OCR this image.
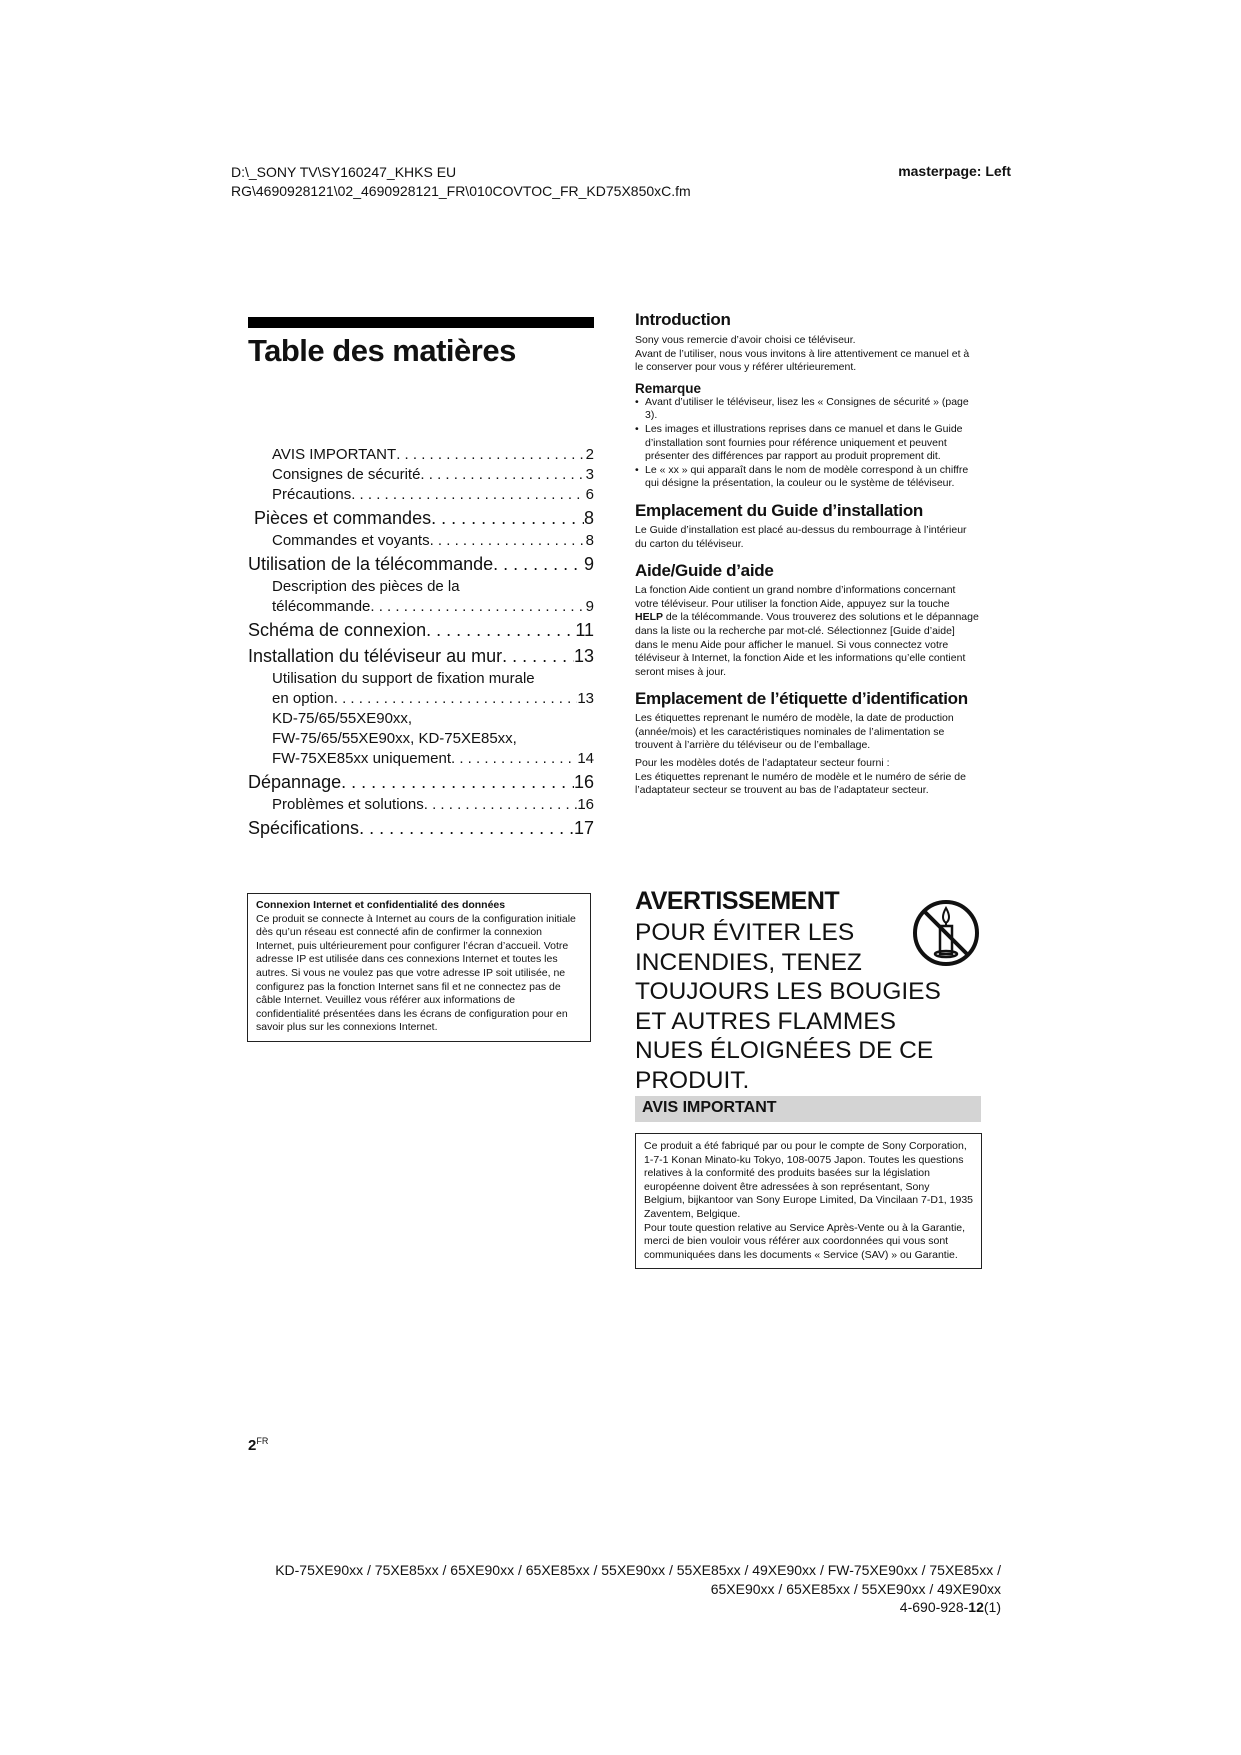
D:\_SONY TV\SY160247_KHKS EU
RG\4690928121\02_4690928121_FR\010COVTOC_FR_KD75X850xC.fm
masterpage: Left
Table des matières
AVIS IMPORTANT . . .	2
Consignes de sécurité . . .	3
Précautions . . .	6
Pièces et commandes . . .	8
Commandes et voyants . . .	8
Utilisation de la télécommande . . .	9
Description des pièces de la
télécommande . . .	9
Schéma de connexion . . .	11
Installation du téléviseur au mur . . .	13
Utilisation du support de fixation murale
en option . . .	13
KD-75/65/55XE90xx,
FW-75/65/55XE90xx, KD-75XE85xx,
FW-75XE85xx uniquement . . .	14
Dépannage . . .	16
Problèmes et solutions . . .	16
Spécifications . . .	17
Connexion Internet et confidentialité des données
Ce produit se connecte à Internet au cours de la configuration initiale dès qu’un réseau est connecté afin de confirmer la connexion Internet, puis ultérieurement pour configurer l’écran d’accueil. Votre adresse IP est utilisée dans ces connexions Internet et toutes les autres. Si vous ne voulez pas que votre adresse IP soit utilisée, ne configurez pas la fonction Internet sans fil et ne connectez pas de câble Internet. Veuillez vous référer aux informations de confidentialité présentées dans les écrans de configuration pour en savoir plus sur les connexions Internet.
Introduction
Sony vous remercie d’avoir choisi ce téléviseur.
Avant de l’utiliser, nous vous invitons à lire attentivement ce manuel et à le conserver pour vous y référer ultérieurement.
Remarque
• Avant d’utiliser le téléviseur, lisez les « Consignes de sécurité » (page 3).
• Les images et illustrations reprises dans ce manuel et dans le Guide d’installation sont fournies pour référence uniquement et peuvent présenter des différences par rapport au produit proprement dit.
• Le « xx » qui apparaît dans le nom de modèle correspond à un chiffre qui désigne la présentation, la couleur ou le système de téléviseur.
Emplacement du Guide d’installation
Le Guide d’installation est placé au-dessus du rembourrage à l’intérieur du carton du téléviseur.
Aide/Guide d’aide
La fonction Aide contient un grand nombre d’informations concernant votre téléviseur. Pour utiliser la fonction Aide, appuyez sur la touche HELP de la télécommande. Vous trouverez des solutions et le dépannage dans la liste ou la recherche par mot-clé. Sélectionnez [Guide d’aide] dans le menu Aide pour afficher le manuel. Si vous connectez votre téléviseur à Internet, la fonction Aide et les informations qu’elle contient seront mises à jour.
Emplacement de l’étiquette d’identification
Les étiquettes reprenant le numéro de modèle, la date de production (année/mois) et les caractéristiques nominales de l’alimentation se trouvent à l’arrière du téléviseur ou de l’emballage.
Pour les modèles dotés de l’adaptateur secteur fourni :
Les étiquettes reprenant le numéro de modèle et le numéro de série de l’adaptateur secteur se trouvent au bas de l’adaptateur secteur.
AVERTISSEMENT
POUR ÉVITER LES INCENDIES, TENEZ TOUJOURS LES BOUGIES ET AUTRES FLAMMES NUES ÉLOIGNÉES DE CE PRODUIT.
AVIS IMPORTANT
Ce produit a été fabriqué par ou pour le compte de Sony Corporation, 1-7-1 Konan Minato-ku Tokyo, 108-0075 Japon. Toutes les questions relatives à la conformité des produits basées sur la législation européenne doivent être adressées à son représentant, Sony Belgium, bijkantoor van Sony Europe Limited, Da Vincilaan 7-D1, 1935 Zaventem, Belgique.
Pour toute question relative au Service Après-Vente ou à la Garantie, merci de bien vouloir vous référer aux coordonnées qui vous sont communiquées dans les documents « Service (SAV) » ou Garantie.
$2^{FR}$
KD-75XE90xx / 75XE85xx / 65XE90xx / 65XE85xx / 55XE90xx / 55XE85xx / 49XE90xx / FW-75XE90xx / 75XE85xx /
65XE90xx / 65XE85xx / 55XE90xx / 49XE90xx
4-690-928-12(1)
